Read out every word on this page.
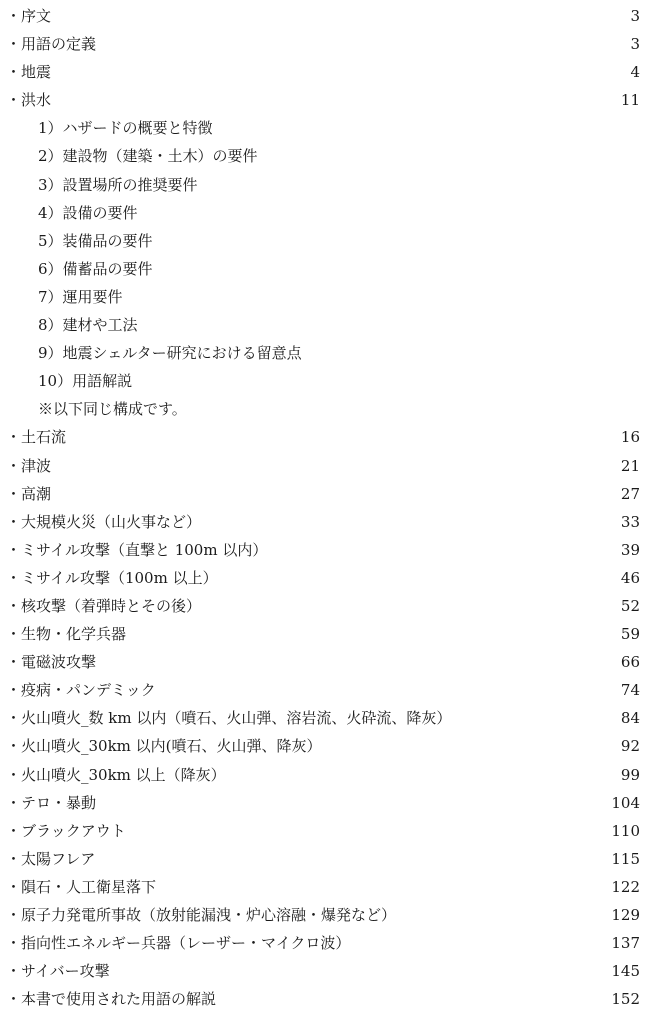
・序文	3
・用語の定義	3
・地震	4
・洪水	11
1）ハザードの概要と特徴
2）建設物（建築・土木）の要件
3）設置場所の推奨要件
4）設備の要件
5）装備品の要件
6）備蓄品の要件
7）運用要件
8）建材や工法
9）地震シェルター研究における留意点
10）用語解説
※以下同じ構成です。
・土石流	16
・津波	21
・高潮	27
・大規模火災（山火事など）	33
・ミサイル攻撃（直撃と 100m 以内）	39
・ミサイル攻撃（100m 以上）	46
・核攻撃（着弾時とその後）	52
・生物・化学兵器	59
・電磁波攻撃	66
・疫病・パンデミック	74
・火山噴火_数 km 以内（噴石、火山弾、溶岩流、火砕流、降灰）	84
・火山噴火_30km 以内(噴石、火山弾、降灰）	92
・火山噴火_30km 以上（降灰）	99
・テロ・暴動	104
・ブラックアウト	110
・太陽フレア	115
・隕石・人工衛星落下	122
・原子力発電所事故（放射能漏洩・炉心溶融・爆発など）	129
・指向性エネルギー兵器（レーザー・マイクロ波）	137
・サイバー攻撃	145
・本書で使用された用語の解説	152
